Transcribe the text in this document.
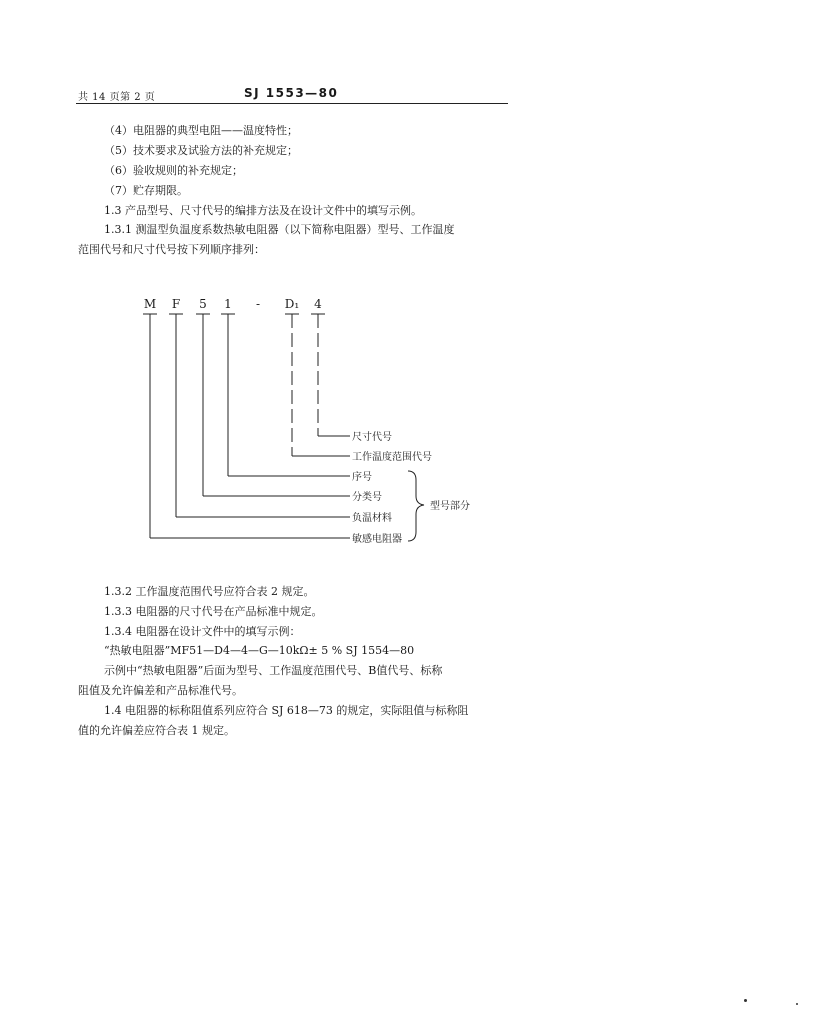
共 14 页第 2 页	SJ 1553—80
（4）电阻器的典型电阻——温度特性；
（5）技术要求及试验方法的补充规定；
（6）验收规则的补充规定；
（7）贮存期限。
1.3 产品型号、尺寸代号的编排方法及在设计文件中的填写示例。
1.3.1 测温型负温度系数热敏电阻器（以下简称电阻器）型号、工作温度
范围代号和尺寸代号按下列顺序排列：
M F 5 1 - D₁ 4
尺寸代号
工作温度范围代号
序号
分类号
负温材料
敏感电阻器
型号部分
1.3.2 工作温度范围代号应符合表 2 规定。
1.3.3 电阻器的尺寸代号在产品标准中规定。
1.3.4 电阻器在设计文件中的填写示例：
“热敏电阻器”MF51—D4—4—G—10kΩ± 5 % SJ 1554—80
示例中“热敏电阻器”后面为型号、工作温度范围代号、B值代号、标称
阻值及允许偏差和产品标准代号。
1.4 电阻器的标称阻值系列应符合 SJ 618—73 的规定，实际阻值与标称阻
值的允许偏差应符合表 1 规定。
